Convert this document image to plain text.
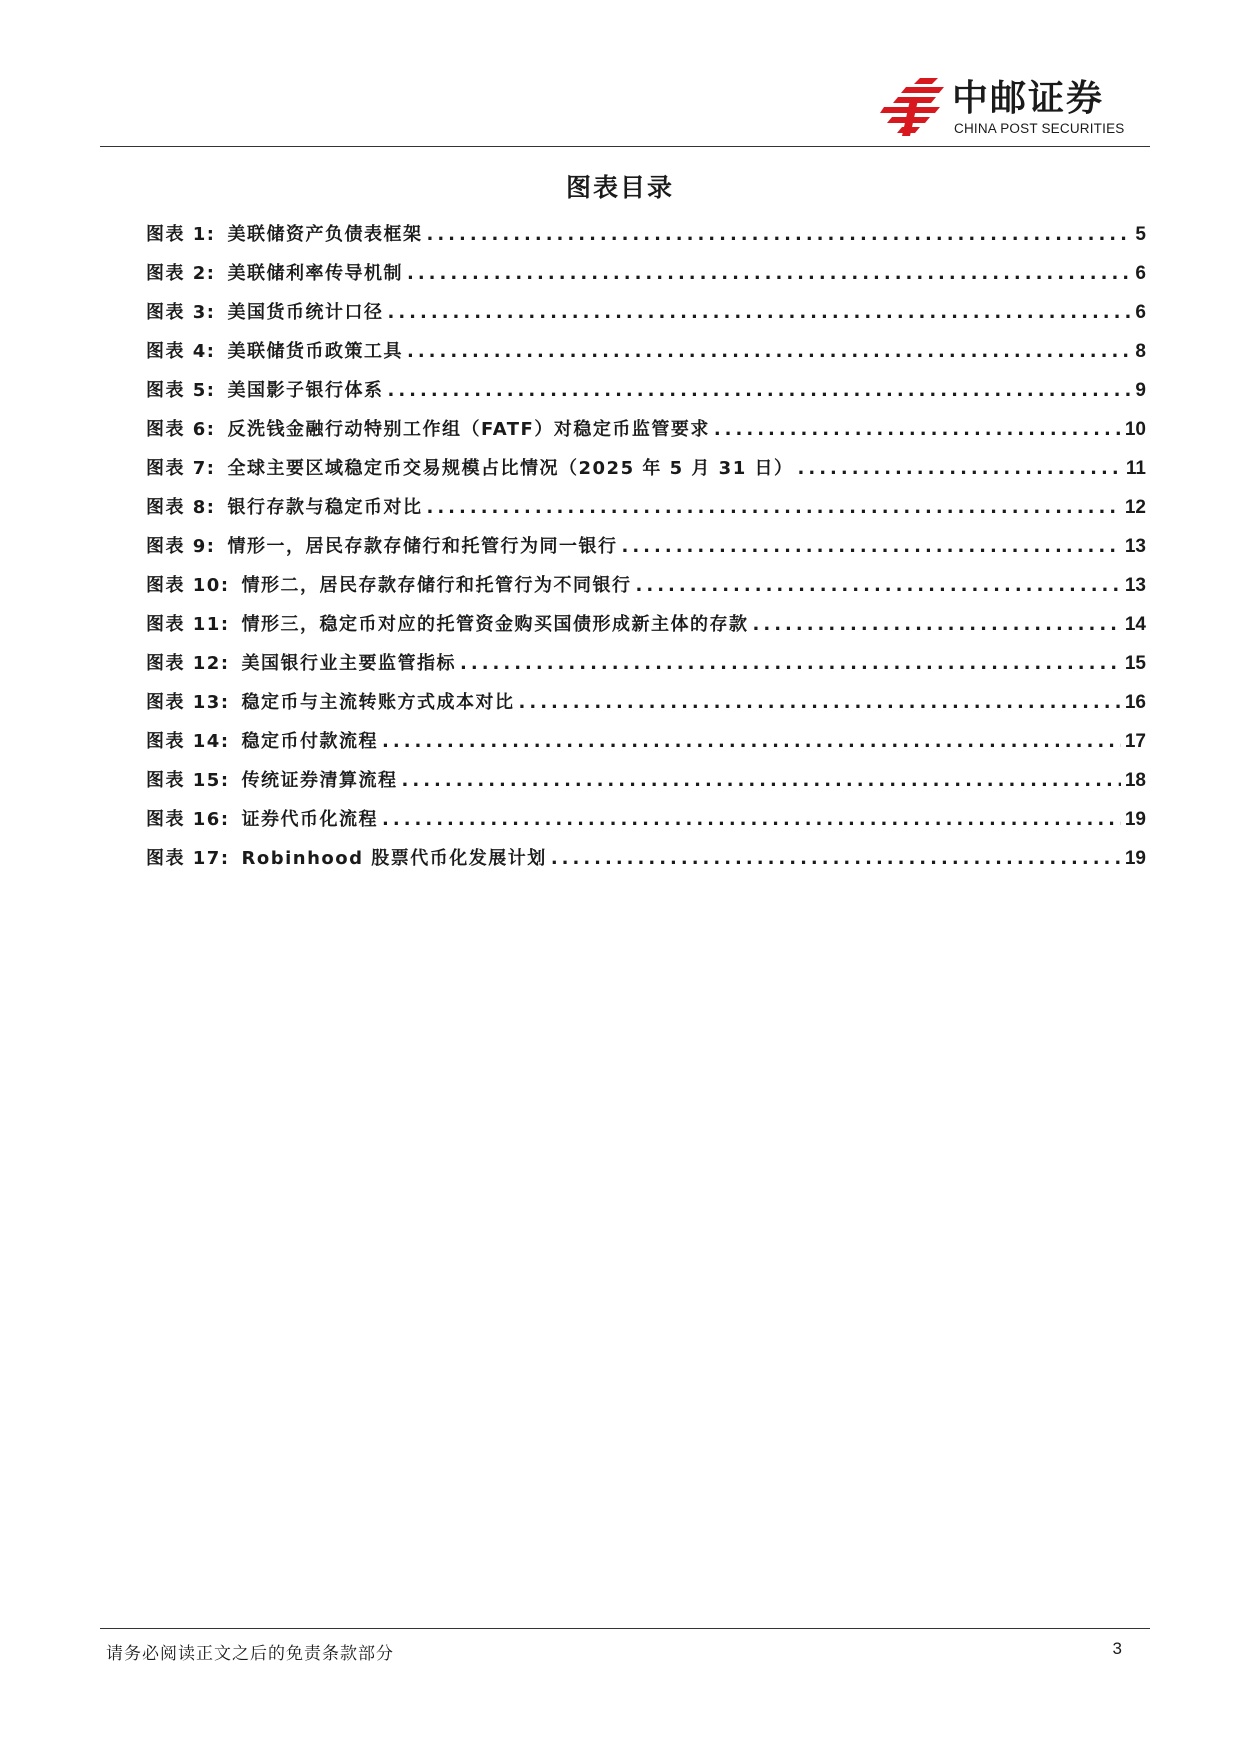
中邮证券
CHINA POST SECURITIES
图表目录
图表 1: 美联储资产负债表框架 .....	5
图表 2: 美联储利率传导机制 .....	6
图表 3: 美国货币统计口径 .....	6
图表 4: 美联储货币政策工具 .....	8
图表 5: 美国影子银行体系 .....	9
图表 6: 反洗钱金融行动特别工作组（FATF）对稳定币监管要求 .....	10
图表 7: 全球主要区域稳定币交易规模占比情况（2025 年 5 月 31 日） .....	11
图表 8: 银行存款与稳定币对比 .....	12
图表 9: 情形一，居民存款存储行和托管行为同一银行 .....	13
图表 10: 情形二，居民存款存储行和托管行为不同银行 .....	13
图表 11: 情形三，稳定币对应的托管资金购买国债形成新主体的存款 .....	14
图表 12: 美国银行业主要监管指标 .....	15
图表 13: 稳定币与主流转账方式成本对比 .....	16
图表 14: 稳定币付款流程 .....	17
图表 15: 传统证券清算流程 .....	18
图表 16: 证券代币化流程 .....	19
图表 17: Robinhood 股票代币化发展计划 .....	19
请务必阅读正文之后的免责条款部分	3
